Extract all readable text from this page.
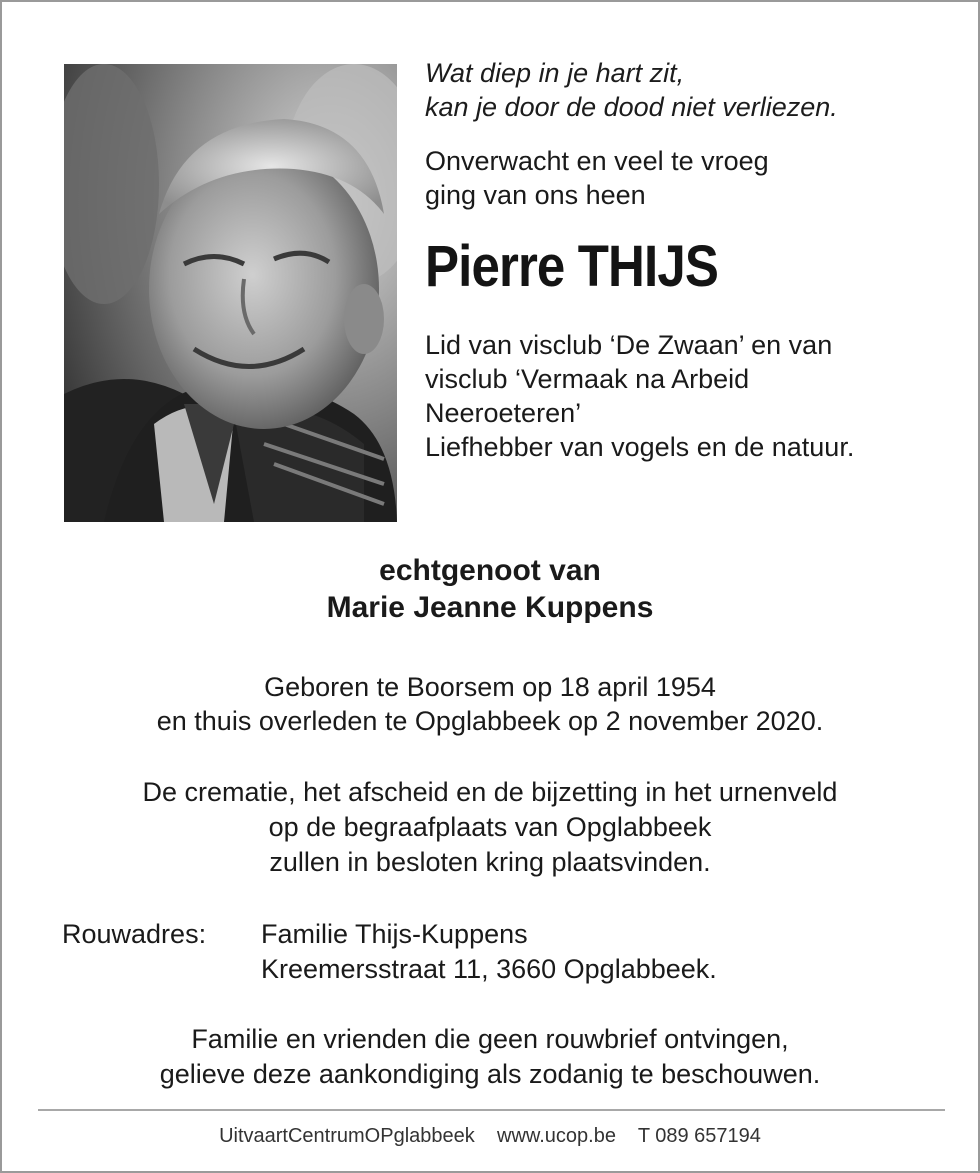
Wat diep in je hart zit,
kan je door de dood niet verliezen.
Onverwacht en veel te vroeg
ging van ons heen
Pierre THIJS
Lid van visclub ‘De Zwaan’ en van
visclub ‘Vermaak na Arbeid
Neeroeteren’
Liefhebber van vogels en de natuur.
echtgenoot van
Marie Jeanne Kuppens
Geboren te Boorsem op 18 april 1954
en thuis overleden te Opglabbeek op 2 november 2020.
De crematie, het afscheid en de bijzetting in het urnenveld
op de begraafplaats van Opglabbeek
zullen in besloten kring plaatsvinden.
Rouwadres: Familie Thijs-Kuppens
Kreemersstraat 11, 3660 Opglabbeek.
Familie en vrienden die geen rouwbrief ontvingen,
gelieve deze aankondiging als zodanig te beschouwen.
UitvaartCentrumOPglabbeek www.ucop.be T 089 657194
